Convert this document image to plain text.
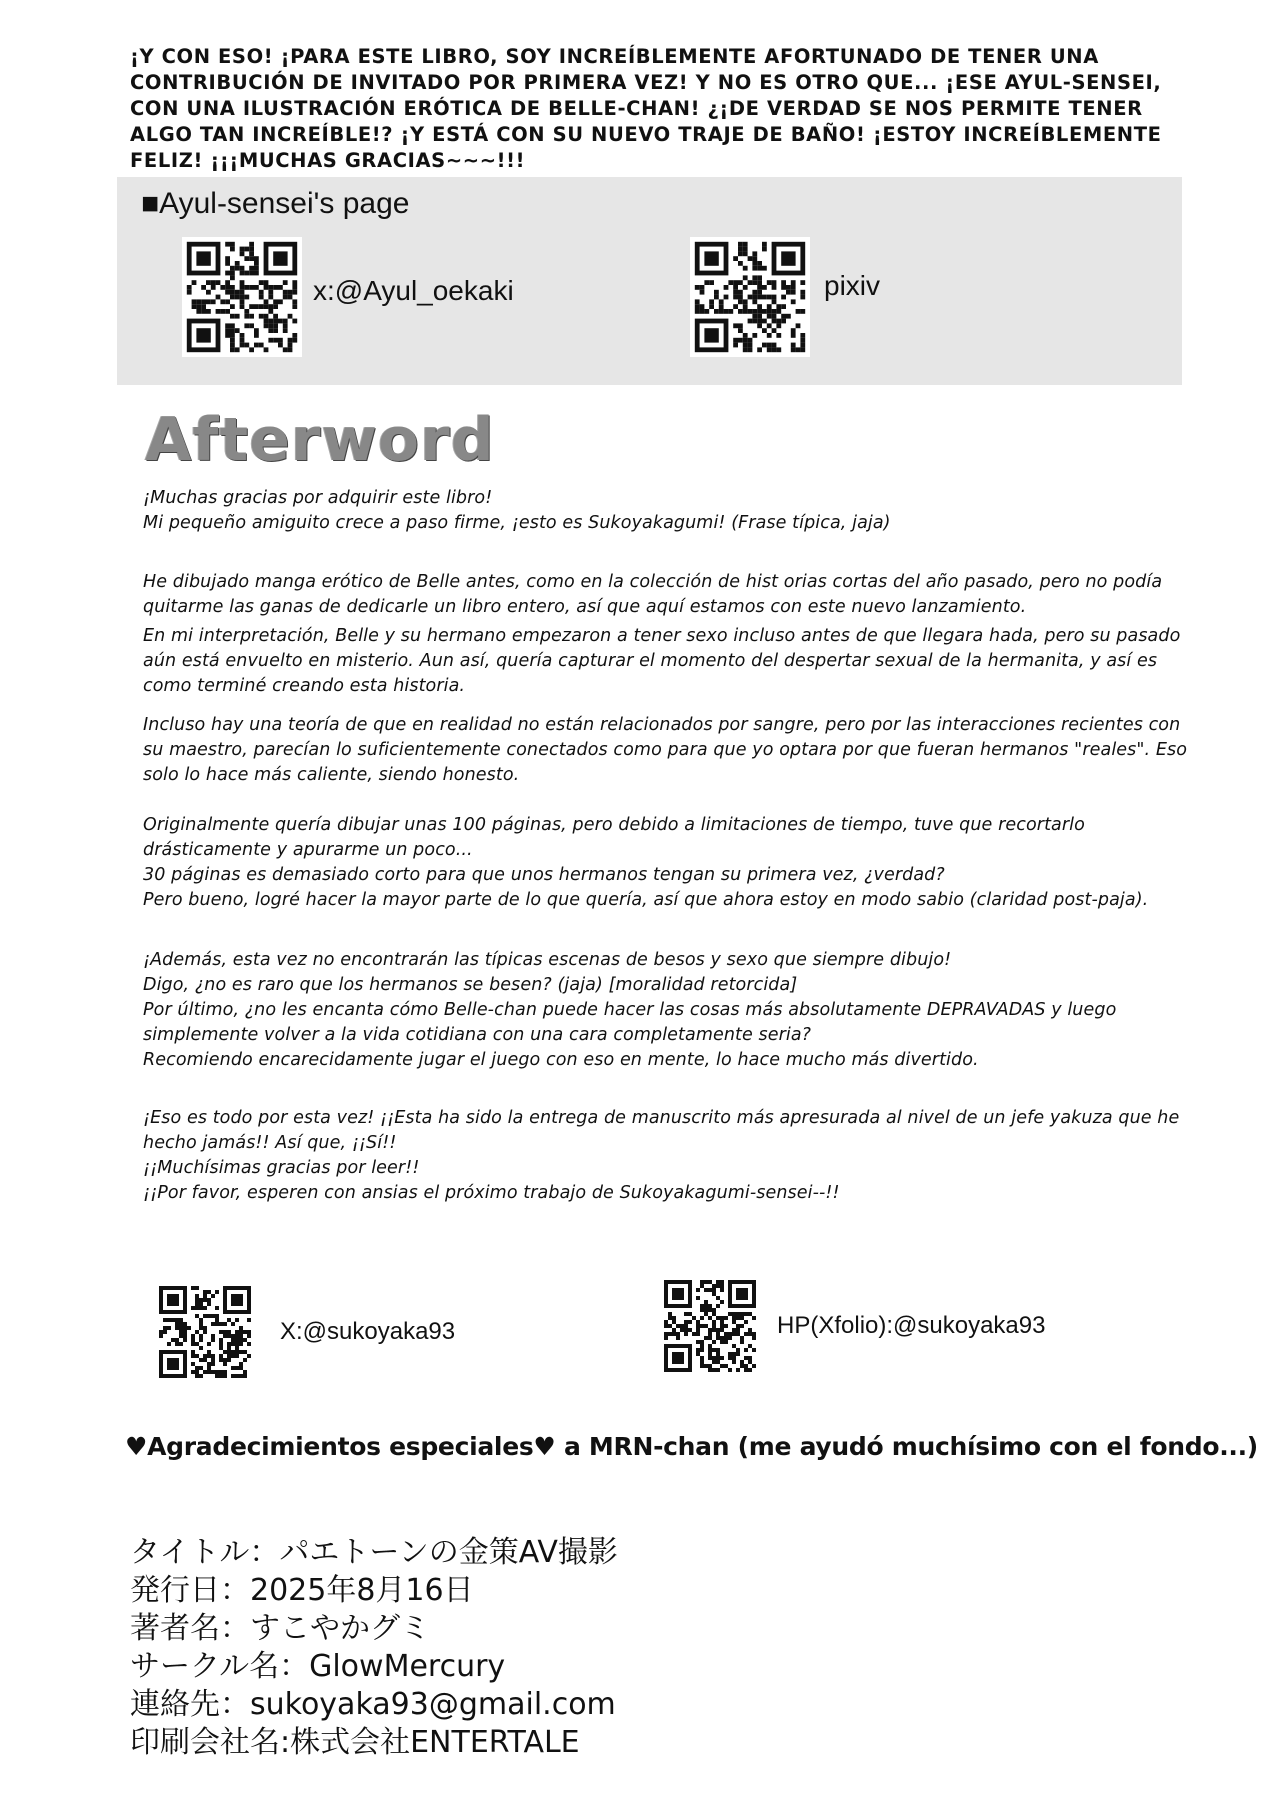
¡Y CON ESO! ¡PARA ESTE LIBRO, SOY INCREÍBLEMENTE AFORTUNADO DE TENER UNA CONTRIBUCIÓN DE INVITADO POR PRIMERA VEZ! Y NO ES OTRO QUE... ¡ESE AYUL-SENSEI, CON UNA ILUSTRACIÓN ERÓTICA DE BELLE-CHAN! ¿¡DE VERDAD SE NOS PERMITE TENER ALGO TAN INCREÍBLE!? ¡Y ESTÁ CON SU NUEVO TRAJE DE BAÑO! ¡ESTOY INCREÍBLEMENTE FELIZ! ¡¡¡MUCHAS GRACIAS~~~!!!

■Ayul-sensei's page
x:@Ayul_oekaki	pixiv
Afterword

¡Muchas gracias por adquirir este libro!
Mi pequeño amiguito crece a paso firme, ¡esto es Sukoyakagumi! (Frase típica, jaja)

He dibujado manga erótico de Belle antes, como en la colección de hist orias cortas del año pasado, pero no podía quitarme las ganas de dedicarle un libro entero, así que aquí estamos con este nuevo lanzamiento.

En mi interpretación, Belle y su hermano empezaron a tener sexo incluso antes de que llegara hada, pero su pasado aún está envuelto en misterio. Aun así, quería capturar el momento del despertar sexual de la hermanita, y así es como terminé creando esta historia.

Incluso hay una teoría de que en realidad no están relacionados por sangre, pero por las interacciones recientes con su maestro, parecían lo suficientemente conectados como para que yo optara por que fueran hermanos "reales". Eso solo lo hace más caliente, siendo honesto.

Originalmente quería dibujar unas 100 páginas, pero debido a limitaciones de tiempo, tuve que recortarlo drásticamente y apurarme un poco...
30 páginas es demasiado corto para que unos hermanos tengan su primera vez, ¿verdad?
Pero bueno, logré hacer la mayor parte de lo que quería, así que ahora estoy en modo sabio (claridad post-paja).

¡Además, esta vez no encontrarán las típicas escenas de besos y sexo que siempre dibujo!
Digo, ¿no es raro que los hermanos se besen? (jaja) [moralidad retorcida]
Por último, ¿no les encanta cómo Belle-chan puede hacer las cosas más absolutamente DEPRAVADAS y luego simplemente volver a la vida cotidiana con una cara completamente seria?
Recomiendo encarecidamente jugar el juego con eso en mente, lo hace mucho más divertido.

¡Eso es todo por esta vez! ¡¡Esta ha sido la entrega de manuscrito más apresurada al nivel de un jefe yakuza que he hecho jamás!! Así que, ¡¡Sí!!
¡¡Muchísimas gracias por leer!!
¡¡Por favor, esperen con ansias el próximo trabajo de Sukoyakagumi-sensei--!!

X:@sukoyaka93	HP(Xfolio):@sukoyaka93
♥Agradecimientos especiales♥ a MRN-chan (me ayudó muchísimo con el fondo...)
タイトル：パエトーンの金策AV撮影
発行日：2025年8月16日
著者名：すこやかグミ
サークル名：GlowMercury
連絡先：sukoyaka93@gmail.com
印刷会社名:株式会社ENTERTALE
